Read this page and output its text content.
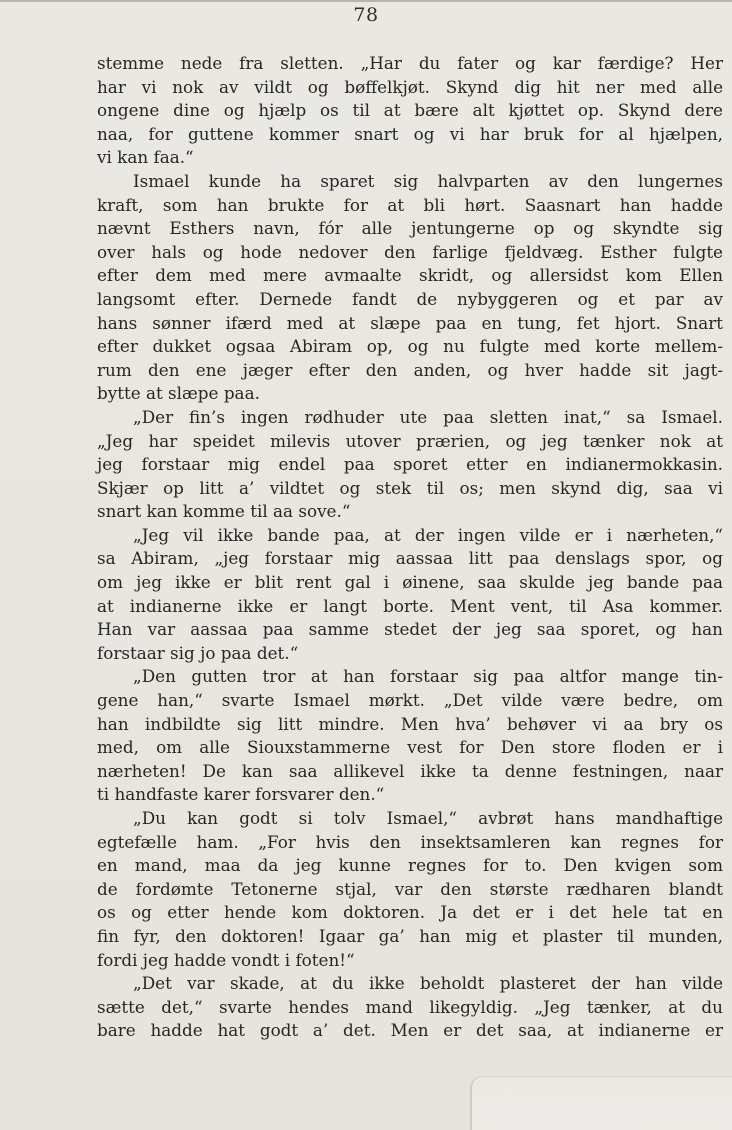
78
stemme nede fra sletten. „Har du fater og kar færdige? Her
har vi nok av vildt og bøffelkjøt. Skynd dig hit ner med alle
ongene dine og hjælp os til at bære alt kjøttet op. Skynd dere
naa, for guttene kommer snart og vi har bruk for al hjælpen,
vi kan faa.“
Ismael kunde ha sparet sig halvparten av den lungernes
kraft, som han brukte for at bli hørt. Saasnart han hadde
nævnt Esthers navn, fór alle jentungerne op og skyndte sig
over hals og hode nedover den farlige fjeldvæg. Esther fulgte
efter dem med mere avmaalte skridt, og allersidst kom Ellen
langsomt efter. Dernede fandt de nybyggeren og et par av
hans sønner ifærd med at slæpe paa en tung, fet hjort. Snart
efter dukket ogsaa Abiram op, og nu fulgte med korte mellem-
rum den ene jæger efter den anden, og hver hadde sit jagt-
bytte at slæpe paa.
„Der fin’s ingen rødhuder ute paa sletten inat,“ sa Ismael.
„Jeg har speidet milevis utover prærien, og jeg tænker nok at
jeg forstaar mig endel paa sporet etter en indianermokkasin.
Skjær op litt a’ vildtet og stek til os; men skynd dig, saa vi
snart kan komme til aa sove.“
„Jeg vil ikke bande paa, at der ingen vilde er i nærheten,“
sa Abiram, „jeg forstaar mig aassaa litt paa denslags spor, og
om jeg ikke er blit rent gal i øinene, saa skulde jeg bande paa
at indianerne ikke er langt borte. Ment vent, til Asa kommer.
Han var aassaa paa samme stedet der jeg saa sporet, og han
forstaar sig jo paa det.“
„Den gutten tror at han forstaar sig paa altfor mange tin-
gene han,“ svarte Ismael mørkt. „Det vilde være bedre, om
han indbildte sig litt mindre. Men hva’ behøver vi aa bry os
med, om alle Siouxstammerne vest for Den store floden er i
nærheten! De kan saa allikevel ikke ta denne festningen, naar
ti handfaste karer forsvarer den.“
„Du kan godt si tolv Ismael,“ avbrøt hans mandhaftige
egtefælle ham. „For hvis den insektsamleren kan regnes for
en mand, maa da jeg kunne regnes for to. Den kvigen som
de fordømte Tetonerne stjal, var den største rædharen blandt
os og etter hende kom doktoren. Ja det er i det hele tat en
fin fyr, den doktoren! Igaar ga’ han mig et plaster til munden,
fordi jeg hadde vondt i foten!“
„Det var skade, at du ikke beholdt plasteret der han vilde
sætte det,“ svarte hendes mand likegyldig. „Jeg tænker, at du
bare hadde hat godt a’ det. Men er det saa, at indianerne er
